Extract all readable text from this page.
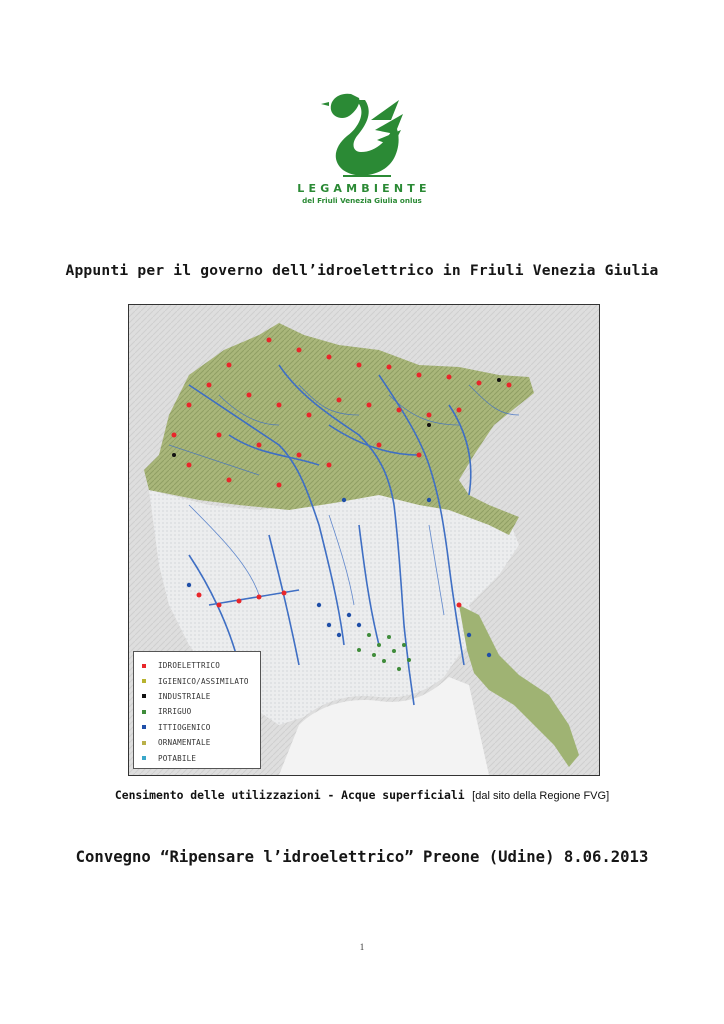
LEGAMBIENTE
del Friuli Venezia Giulia onlus
Appunti per il governo dell’idroelettrico in Friuli Venezia Giulia
IDROELETTRICO
IGIENICO/ASSIMILATO
INDUSTRIALE
IRRIGUO
ITTIOGENICO
ORNAMENTALE
POTABILE
Censimento delle utilizzazioni - Acque superficiali [dal sito della Regione FVG]
Convegno “Ripensare l’idroelettrico” Preone (Udine) 8.06.2013
1
